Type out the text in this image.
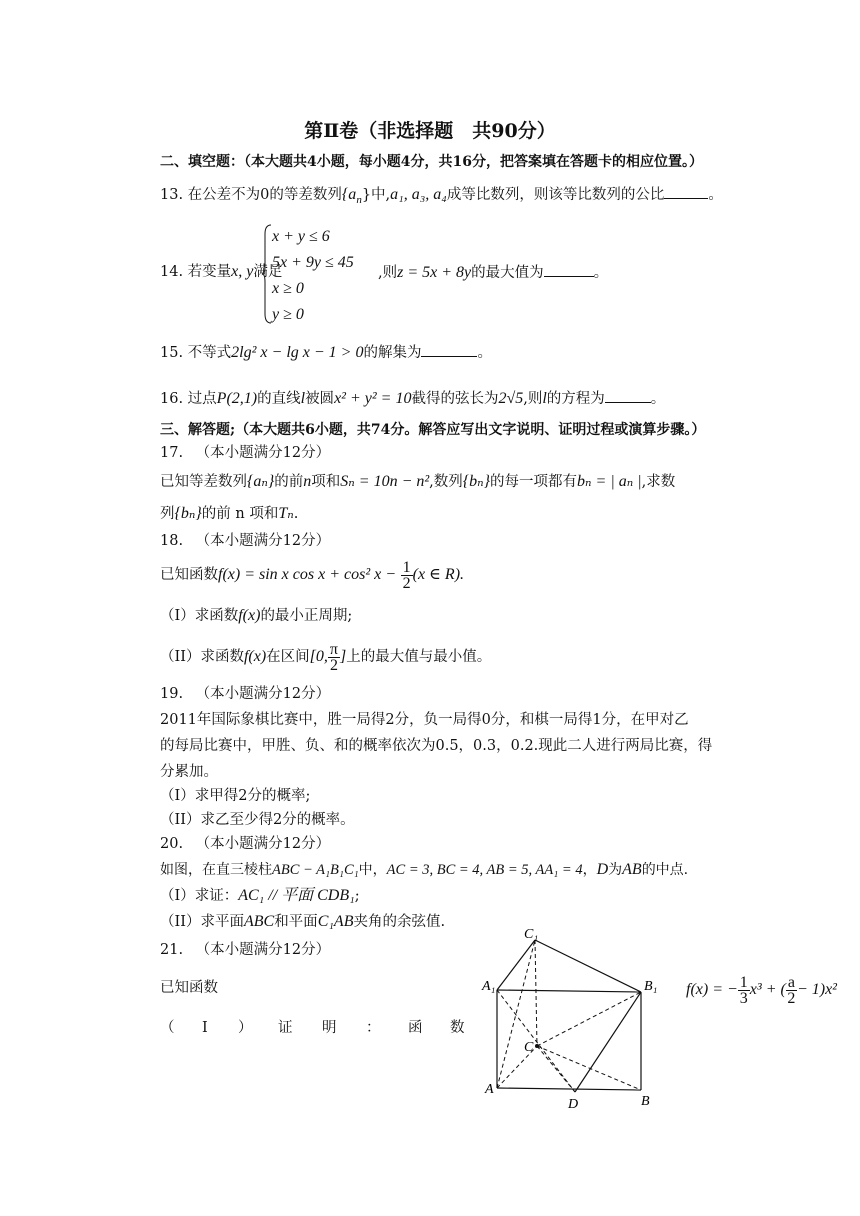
第Ⅱ卷（非选择题　共90分）
二、填空题：（本大题共4小题，每小题4分，共16分，把答案填在答题卡的相应位置。）
13. 在公差不为0的等差数列$\{a_n\}$中,a₁, a₃, a₄成等比数列，则该等比数列的公比	。
14. 若变量x, y满足
x + y ≤ 6
5x + 9y ≤ 45
x ≥ 0
y ≥ 0
,则z = 5x + 8y的最大值为	。
15. 不等式2lg² x − lg x − 1 > 0的解集为	。
16. 过点P(2,1)的直线l被圆x² + y² = 10截得的弦长为2√5,则l的方程为	。
三、解答题;（本大题共6小题，共74分。解答应写出文字说明、证明过程或演算步骤。）
17. （本小题满分12分）
已知等差数列{aₙ}的前n项和Sₙ = 10n − n²,数列{bₙ}的每一项都有bₙ = | aₙ |,求数
列{bₙ}的前 n 项和Tₙ.
18. （本小题满分12分）
已知函数f(x) = sin x cos x + cos² $x - \frac{1}{2} (x$ ∈ R).
（I）求函数f(x)的最小正周期;
（II）求函数f(x)在区间[0, $\frac{\pi}{2}$ ]上的最大值与最小值。
19. （本小题满分12分）
2011年国际象棋比赛中，胜一局得2分，负一局得0分，和棋一局得1分，在甲对乙
的每局比赛中，甲胜、负、和的概率依次为0.5，0.3，0.2.现此二人进行两局比赛，得
分累加。
（I）求甲得2分的概率;
（II）求乙至少得2分的概率。
20. （本小题满分12分）
如图，在直三棱柱ABC − A₁B₁C₁中，AC = 3, BC = 4, AB = 5, AA₁ = 4，D为AB的中点.
（I）求证：AC₁ // 平面 CDB₁;
（II）求平面ABC和平面C₁AB夹角的余弦值.
21. （本小题满分12分）
已知函数
（ I ） 证 明 ： 函 数
f(x) = − $\frac{1}{3} x^3$ + ( $\frac{a}{2} - 1)x^2$
C₁
A₁	B₁
C
A
D	B
